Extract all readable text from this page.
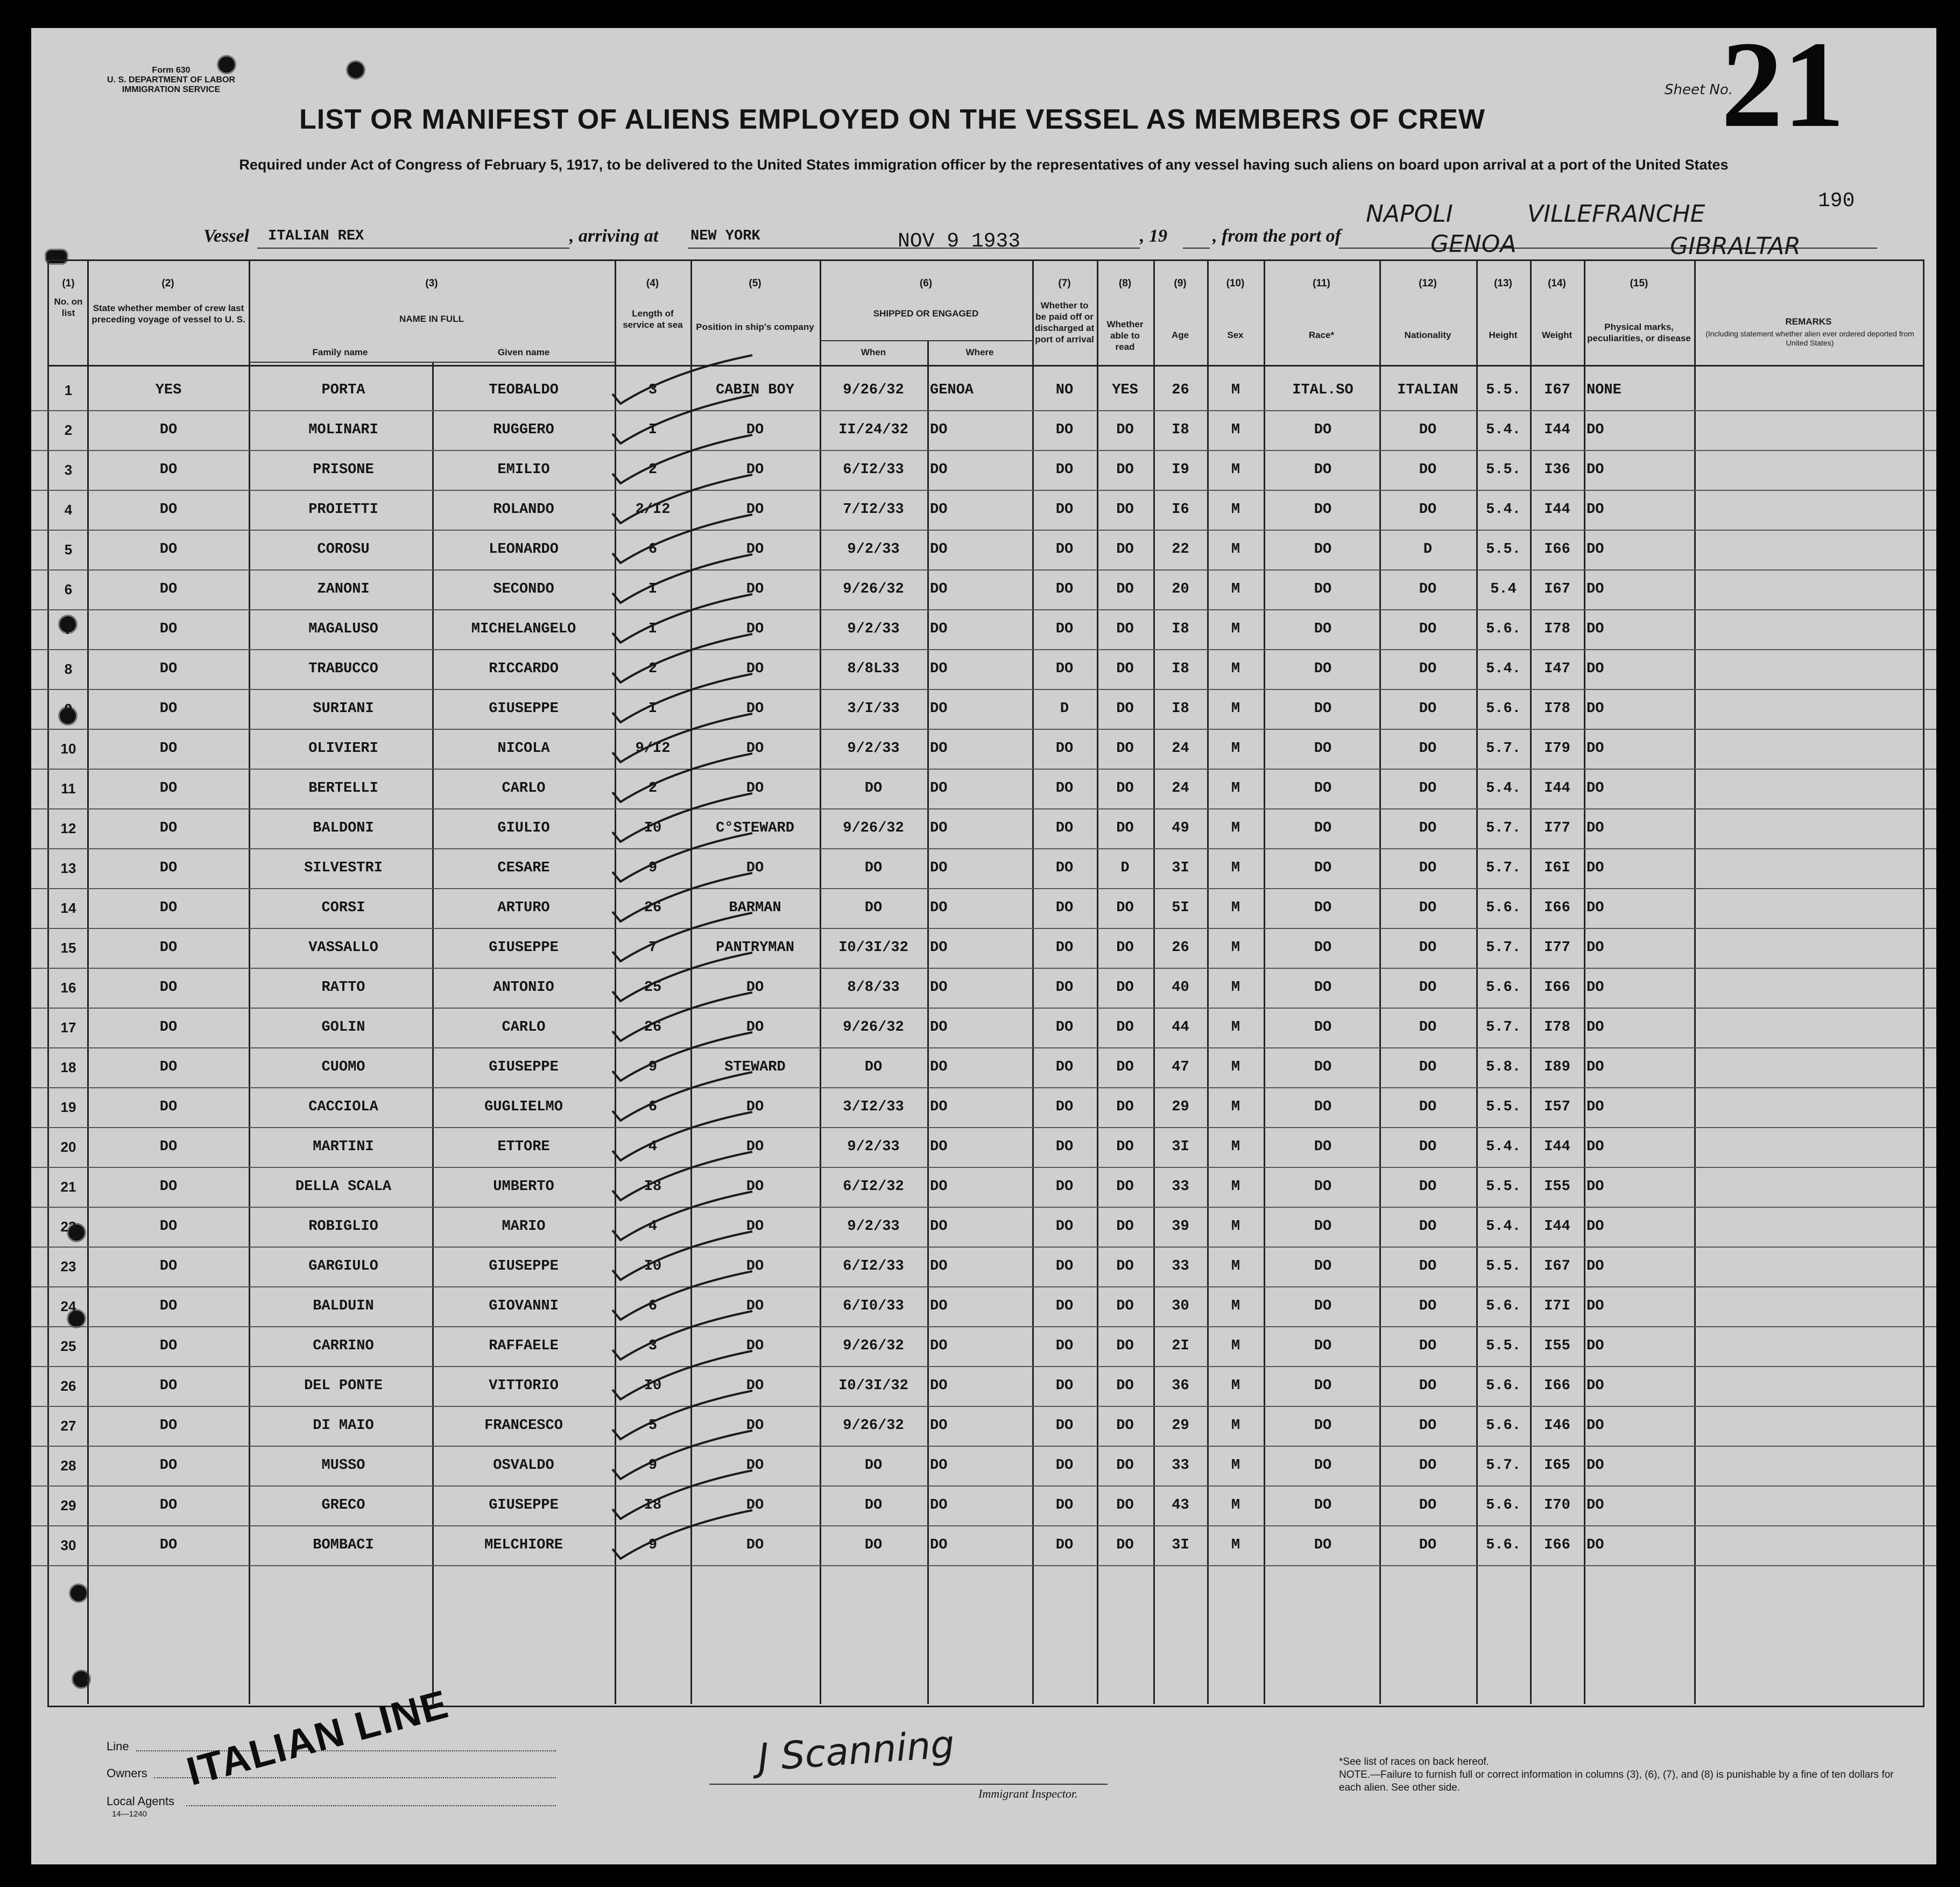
Form 630
U. S. DEPARTMENT OF LABOR
IMMIGRATION SERVICE	Sheet No.
21
LIST OR MANIFEST OF ALIENS EMPLOYED ON THE VESSEL AS MEMBERS OF CREW
Required under Act of Congress of February 5, 1917, to be delivered to the United States immigration officer by the representatives of any vessel having such aliens on board upon arrival at a port of the United States
190
Vessel ITALIAN REX	, arriving at NEW YORK	NOV 9 1933	, 19 , from the port of
NAPOLI	VILLEFRANCHE
GENOA	GIBRALTAR
(1)	(2)	(3)	(4)	(5)	(6)	(7)	(8)	(9)	(10)	(11)	(12)	(13)	(14)	(15)
No. on list	State whether member of crew last preceding voyage of vessel to U. S.	NAME IN FULL
Family name	Given name
Length of service at sea	Position in ship's company
SHIPPED OR ENGAGED
When	Where
Whether to be paid off or discharged at port of arrival
Whether able to read
Age	Sex	Race*	Nationality	Height	Weight
Physical marks, peculiarities, or disease
REMARKS
(Including statement whether alien ever ordered deported from United States)
1	YES	PORTA	TEOBALDO	3	CABIN BOY	9/26/32	GENOA	NO	YES	26	M	ITAL.SO	ITALIAN	5.5.	I67	NONE
2	DO	MOLINARI	RUGGERO	I	DO	II/24/32	DO	DO	DO	I8	M	DO	DO	5.4.	I44	DO
3	DO	PRISONE	EMILIO	2	DO	6/I2/33	DO	DO	DO	I9	M	DO	DO	5.5.	I36	DO
4	DO	PROIETTI	ROLANDO	2/I2	DO	7/I2/33	DO	DO	DO	I6	M	DO	DO	5.4.	I44	DO
5	DO	COROSU	LEONARDO	6	DO	9/2/33	DO	DO	DO	22	M	DO	D	5.5.	I66	DO
6	DO	ZANONI	SECONDO	I	DO	9/26/32	DO	DO	DO	20	M	DO	DO	5.4	I67	DO
7	DO	MAGALUSO	MICHELANGELO	I	DO	9/2/33	DO	DO	DO	I8	M	DO	DO	5.6.	I78	DO
8	DO	TRABUCCO	RICCARDO	2	DO	8/8L33	DO	DO	DO	I8	M	DO	DO	5.4.	I47	DO
9	DO	SURIANI	GIUSEPPE	I	DO	3/I/33	DO	D	DO	I8	M	DO	DO	5.6.	I78	DO
10	DO	OLIVIERI	NICOLA	9/I2	DO	9/2/33	DO	DO	DO	24	M	DO	DO	5.7.	I79	DO
11	DO	BERTELLI	CARLO	2	DO	DO	DO	DO	DO	24	M	DO	DO	5.4.	I44	DO
12	DO	BALDONI	GIULIO	I0	C°STEWARD	9/26/32	DO	DO	DO	49	M	DO	DO	5.7.	I77	DO
13	DO	SILVESTRI	CESARE	9	DO	DO	DO	DO	D	3I	M	DO	DO	5.7.	I6I	DO
14	DO	CORSI	ARTURO	26	BARMAN	DO	DO	DO	DO	5I	M	DO	DO	5.6.	I66	DO
15	DO	VASSALLO	GIUSEPPE	7	PANTRYMAN	I0/3I/32	DO	DO	DO	26	M	DO	DO	5.7.	I77	DO
16	DO	RATTO	ANTONIO	25	DO	8/8/33	DO	DO	DO	40	M	DO	DO	5.6.	I66	DO
17	DO	GOLIN	CARLO	26	DO	9/26/32	DO	DO	DO	44	M	DO	DO	5.7.	I78	DO
18	DO	CUOMO	GIUSEPPE	9	STEWARD	DO	DO	DO	DO	47	M	DO	DO	5.8.	I89	DO
19	DO	CACCIOLA	GUGLIELMO	6	DO	3/I2/33	DO	DO	DO	29	M	DO	DO	5.5.	I57	DO
20	DO	MARTINI	ETTORE	4	DO	9/2/33	DO	DO	DO	3I	M	DO	DO	5.4.	I44	DO
21	DO	DELLA SCALA	UMBERTO	I8	DO	6/I2/32	DO	DO	DO	33	M	DO	DO	5.5.	I55	DO
22	DO	ROBIGLIO	MARIO	4	DO	9/2/33	DO	DO	DO	39	M	DO	DO	5.4.	I44	DO
23	DO	GARGIULO	GIUSEPPE	I0	DO	6/I2/33	DO	DO	DO	33	M	DO	DO	5.5.	I67	DO
24	DO	BALDUIN	GIOVANNI	6	DO	6/I0/33	DO	DO	DO	30	M	DO	DO	5.6.	I7I	DO
25	DO	CARRINO	RAFFAELE	3	DO	9/26/32	DO	DO	DO	2I	M	DO	DO	5.5.	I55	DO
26	DO	DEL PONTE	VITTORIO	I0	DO	I0/3I/32	DO	DO	DO	36	M	DO	DO	5.6.	I66	DO
27	DO	DI MAIO	FRANCESCO	5	DO	9/26/32	DO	DO	DO	29	M	DO	DO	5.6.	I46	DO
28	DO	MUSSO	OSVALDO	9	DO	DO	DO	DO	DO	33	M	DO	DO	5.7.	I65	DO
29	DO	GRECO	GIUSEPPE	I8	DO	DO	DO	DO	DO	43	M	DO	DO	5.6.	I70	DO
30	DO	BOMBACI	MELCHIORE	9	DO	DO	DO	DO	DO	3I	M	DO	DO	5.6.	I66	DO
Line
Owners
Local Agents
14—1240
ITALIAN LINE	J Scanning
Immigrant Inspector.
*See list of races on back hereof.
NOTE.—Failure to furnish full or correct information in columns (3), (6), (7), and (8) is punishable by a fine of ten dollars for each alien. See other side.
